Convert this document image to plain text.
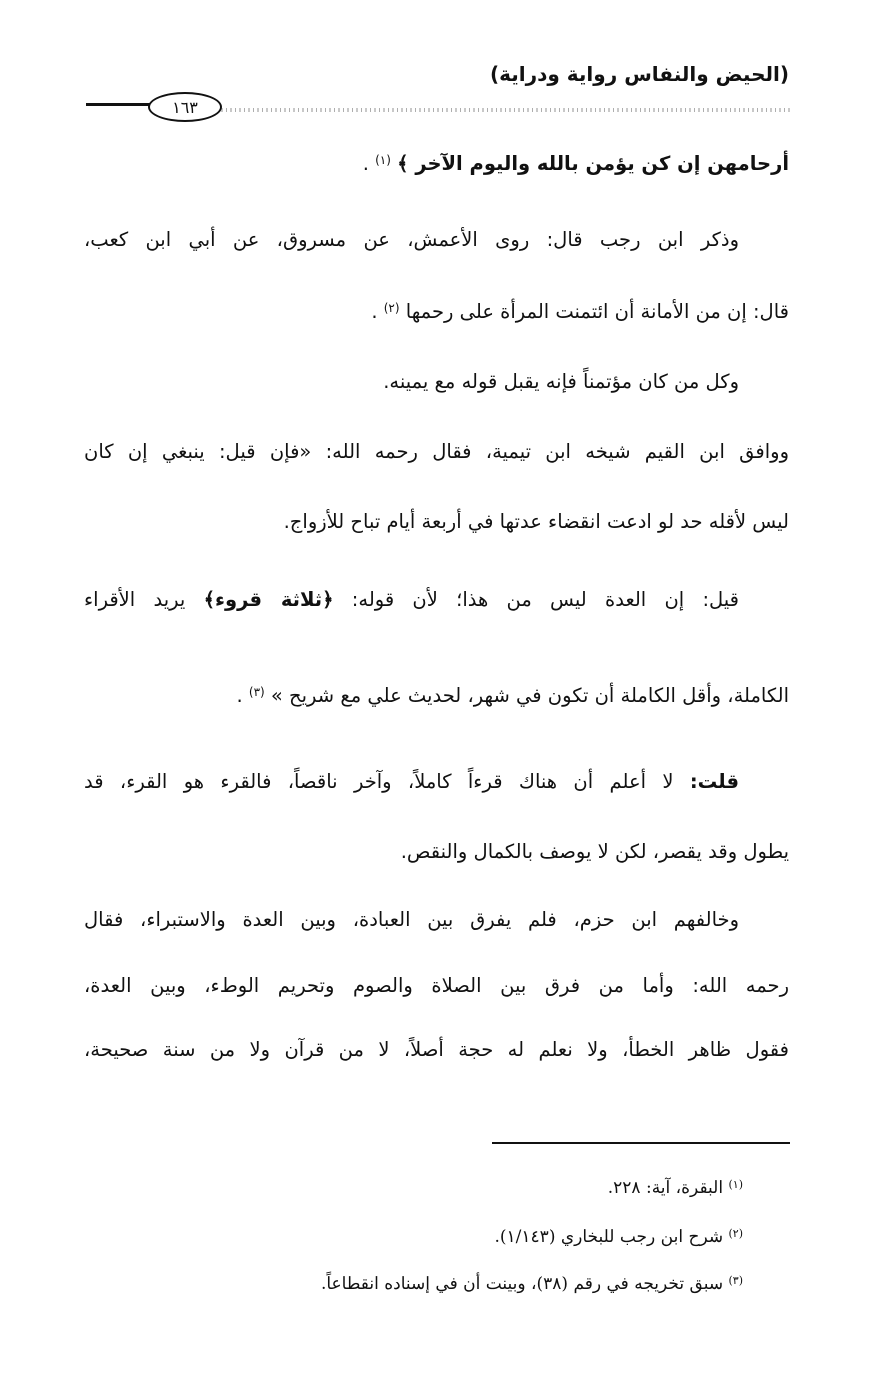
(الحيض والنفاس رواية ودراية)
١٦٣
أرحامهن إن كن يؤمن بالله واليوم الآخر ﴾ $^{(١)}$ .
وذكر ابن رجب قال: روى الأعمش، عن مسروق، عن أبي ابن كعب،
قال: إن من الأمانة أن ائتمنت المرأة على رحمها $^{(٢)}$ .
وكل من كان مؤتمناً فإنه يقبل قوله مع يمينه.
ووافق ابن القيم شيخه ابن تيمية، فقال رحمه الله: «فإن قيل: ينبغي إن كان
ليس لأقله حد لو ادعت انقضاء عدتها في أربعة أيام تباح للأزواج.
قيل: إن العدة ليس من هذا؛ لأن قوله: ﴿ثلاثة قروء﴾ يريد الأقراء
الكاملة، وأقل الكاملة أن تكون في شهر، لحديث علي مع شريح » $^{(٣)}$ .
قلت: لا أعلم أن هناك قرءاً كاملاً، وآخر ناقصاً، فالقرء هو القرء، قد
يطول وقد يقصر، لكن لا يوصف بالكمال والنقص.
وخالفهم ابن حزم، فلم يفرق بين العبادة، وبين العدة والاستبراء، فقال
رحمه الله: وأما من فرق بين الصلاة والصوم وتحريم الوطء، وبين العدة،
فقول ظاهر الخطأ، ولا نعلم له حجة أصلاً، لا من قرآن ولا من سنة صحيحة،
$^{(١)}$ البقرة، آية: ٢٢٨.
$^{(٢)}$ شرح ابن رجب للبخاري (١/١٤٣).
$^{(٣)}$ سبق تخريجه في رقم (٣٨)، وبينت أن في إسناده انقطاعاً.
